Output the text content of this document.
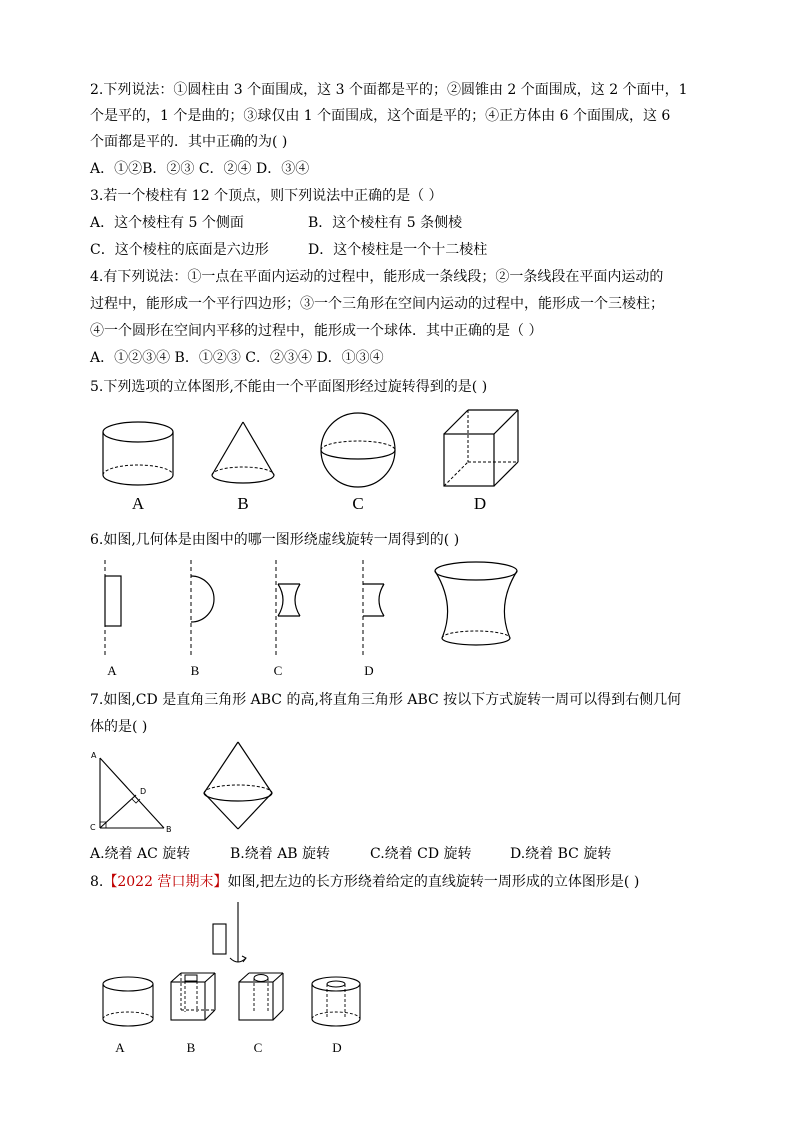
2.下列说法：①圆柱由 3 个面围成，这 3 个面都是平的；②圆锥由 2 个面围成，这 2 个面中，1
个是平的，1 个是曲的；③球仅由 1 个面围成，这个面是平的；④正方体由 6 个面围成，这 6
个面都是平的．其中正确的为( )
A．①②B．②③ C．②④ D．③④
3.若一个棱柱有 12 个顶点，则下列说法中正确的是（ ）
A．这个棱柱有 5 个侧面	B．这个棱柱有 5 条侧棱
C．这个棱柱的底面是六边形	D．这个棱柱是一个十二棱柱
4.有下列说法：①一点在平面内运动的过程中，能形成一条线段；②一条线段在平面内运动的
过程中，能形成一个平行四边形；③一个三角形在空间内运动的过程中，能形成一个三棱柱；
④一个圆形在空间内平移的过程中，能形成一个球体．其中正确的是（ ）
A．①②③④ B．①②③ C．②③④ D．①③④
5.下列选项的立体图形,不能由一个平面图形经过旋转得到的是( )
A	B	C	D
6.如图,几何体是由图中的哪一图形绕虚线旋转一周得到的( )
A	B	C	D
7.如图,CD 是直角三角形 ABC 的高,将直角三角形 ABC 按以下方式旋转一周可以得到右侧几何
体的是( )
A
D
C	B
A.绕着 AC 旋转	B.绕着 AB 旋转	C.绕着 CD 旋转	D.绕着 BC 旋转
8.【2022 营口期末】如图,把左边的长方形绕着给定的直线旋转一周形成的立体图形是( )
A	B	C	D
